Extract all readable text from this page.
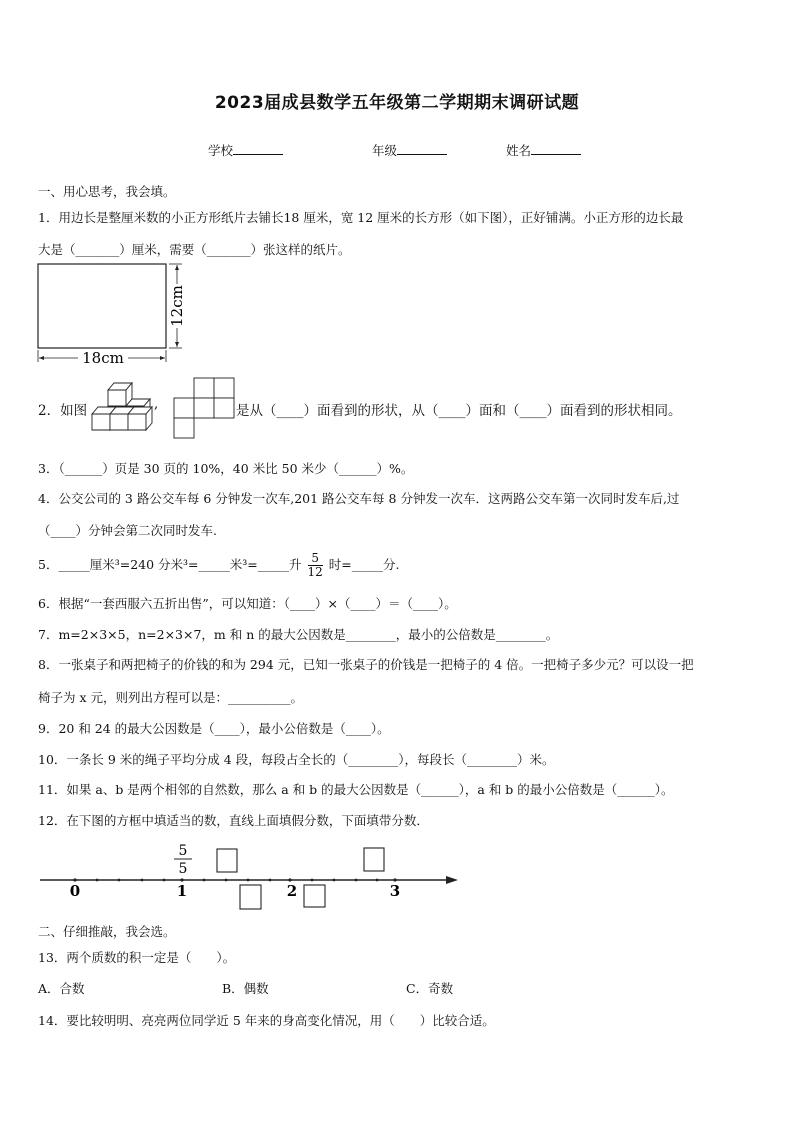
2023届成县数学五年级第二学期期末调研试题
学校	年级	姓名
一、用心思考，我会填。
1．用边长是整厘米数的小正方形纸片去铺长18 厘米，宽 12 厘米的长方形（如下图），正好铺满。小正方形的边长最
大是（_______）厘米，需要（_______）张这样的纸片。
18cm
12cm
2．如图	,	是从（____）面看到的形状，从（____）面和（____）面看到的形状相同。
3．（______）页是 30 页的 10%，40 米比 50 米少（______）%。
4．公交公司的 3 路公交车每 6 分钟发一次车,201 路公交车每 8 分钟发一次车．这两路公交车第一次同时发车后,过
（____）分钟会第二次同时发车.
5．_____厘米³=240 分米³=_____米³=_____升 $\frac{5}{12}$ 时=_____分.
6．根据“一套西服六五折出售”，可以知道：（____）×（____）＝（____）。
7．m=2×3×5，n=2×3×7，m 和 n 的最大公因数是________，最小的公倍数是________。
8．一张桌子和两把椅子的价钱的和为 294 元，已知一张桌子的价钱是一把椅子的 4 倍。一把椅子多少元？可以设一把
椅子为 x 元，则列出方程可以是：__________。
9．20 和 24 的最大公因数是（____），最小公倍数是（____）。
10．一条长 9 米的绳子平均分成 4 段，每段占全长的（________），每段长（________）米。
11．如果 a、b 是两个相邻的自然数，那么 a 和 b 的最大公因数是（______），a 和 b 的最小公倍数是（______）。
12．在下图的方框中填适当的数，直线上面填假分数，下面填带分数．
0	1	2	3
5
5
二、仔细推敲，我会选。
13．两个质数的积一定是（　　）。
A．合数	B．偶数	C．奇数
14．要比较明明、亮亮两位同学近 5 年来的身高变化情况，用（　　）比较合适。
